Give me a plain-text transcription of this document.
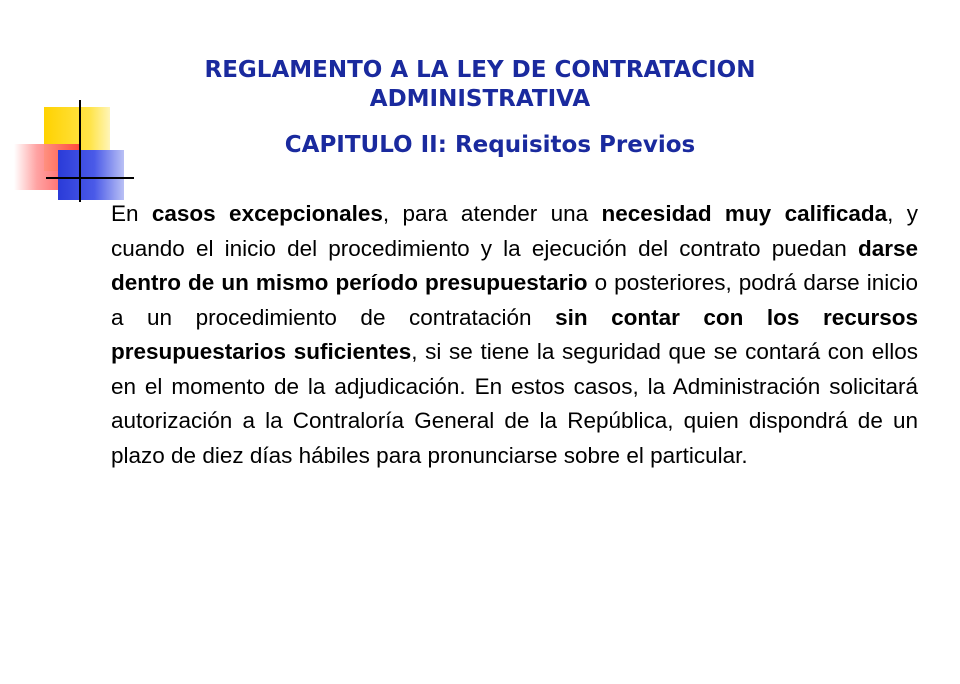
REGLAMENTO A LA LEY DE CONTRATACION ADMINISTRATIVA
CAPITULO II: Requisitos Previos

En casos excepcionales, para atender una necesidad muy calificada, y cuando el inicio del procedimiento y la ejecución del contrato puedan darse dentro de un mismo período presupuestario o posteriores, podrá darse inicio a un procedimiento de contratación sin contar con los recursos presupuestarios suficientes, si se tiene la seguridad que se contará con ellos en el momento de la adjudicación. En estos casos, la Administración solicitará autorización a la Contraloría General de la República, quien dispondrá de un plazo de diez días hábiles para pronunciarse sobre el particular.
